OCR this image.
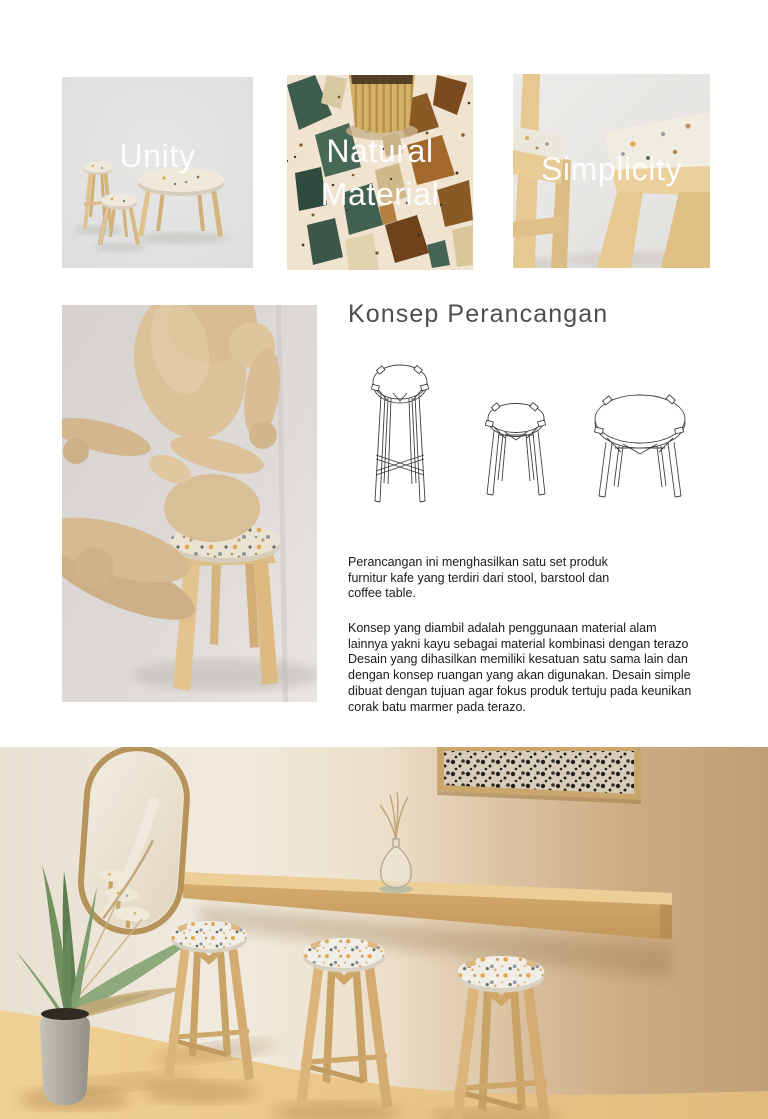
Unity	Natural
Material
Simplicity
Konsep Perancangan
Perancangan ini menghasilkan satu set produk
furnitur kafe yang terdiri dari stool, barstool dan
coffee table.
Konsep yang diambil adalah penggunaan material alam
lainnya yakni kayu sebagai material kombinasi dengan terazo
Desain yang dihasilkan memiliki kesatuan satu sama lain dan
dengan konsep ruangan yang akan digunakan. Desain simple
dibuat dengan tujuan agar fokus produk tertuju pada keunikan
corak batu marmer pada terazo.
